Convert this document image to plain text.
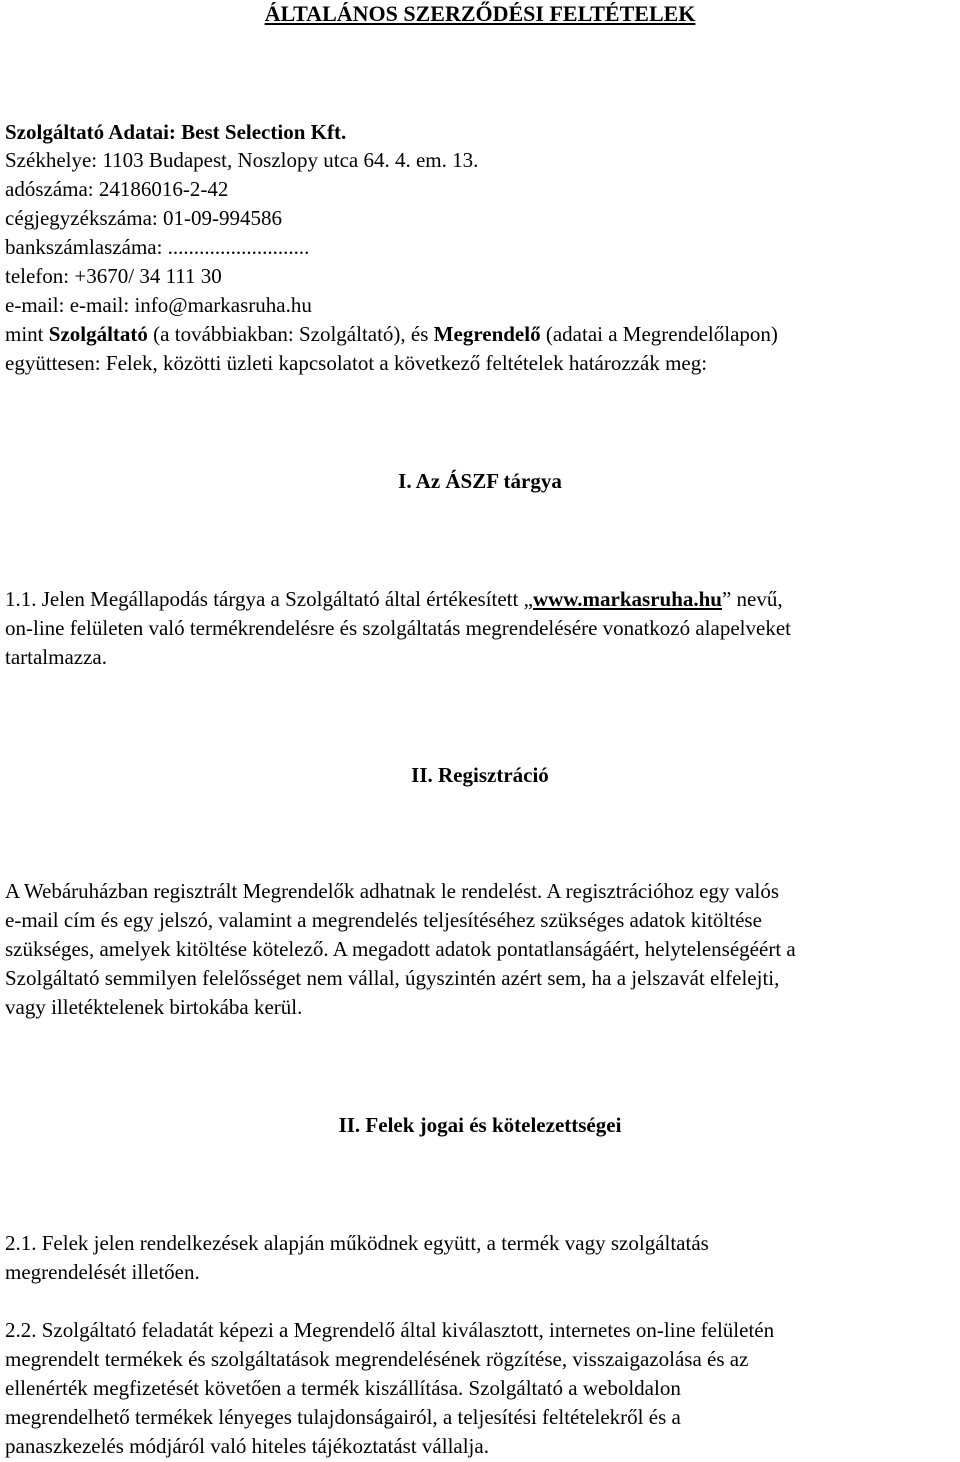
ÁLTALÁNOS SZERZŐDÉSI FELTÉTELEK
Szolgáltató Adatai: Best Selection Kft.
Székhelye: 1103 Budapest, Noszlopy utca 64. 4. em. 13.
adószáma: 24186016-2-42
cégjegyzékszáma: 01-09-994586
bankszámlaszáma: ...........................
telefon: +3670/ 34 111 30
e-mail: e-mail: info@markasruha.hu
mint Szolgáltató (a továbbiakban: Szolgáltató), és Megrendelő (adatai a Megrendelőlapon)
együttesen: Felek, közötti üzleti kapcsolatot a következő feltételek határozzák meg:
I. Az ÁSZF tárgya
1.1. Jelen Megállapodás tárgya a Szolgáltató által értékesített „www.markasruha.hu” nevű,
on-line felületen való termékrendelésre és szolgáltatás megrendelésére vonatkozó alapelveket
tartalmazza.
II. Regisztráció
A Webáruházban regisztrált Megrendelők adhatnak le rendelést. A regisztrációhoz egy valós
e-mail cím és egy jelszó, valamint a megrendelés teljesítéséhez szükséges adatok kitöltése
szükséges, amelyek kitöltése kötelező. A megadott adatok pontatlanságáért, helytelenségéért a
Szolgáltató semmilyen felelősséget nem vállal, úgyszintén azért sem, ha a jelszavát elfelejti,
vagy illetéktelenek birtokába kerül.
II. Felek jogai és kötelezettségei
2.1. Felek jelen rendelkezések alapján működnek együtt, a termék vagy szolgáltatás
megrendelését illetően.
2.2. Szolgáltató feladatát képezi a Megrendelő által kiválasztott, internetes on-line felületén
megrendelt termékek és szolgáltatások megrendelésének rögzítése, visszaigazolása és az
ellenérték megfizetését követően a termék kiszállítása. Szolgáltató a weboldalon
megrendelhető termékek lényeges tulajdonságairól, a teljesítési feltételekről és a
panaszkezelés módjáról való hiteles tájékoztatást vállalja.
